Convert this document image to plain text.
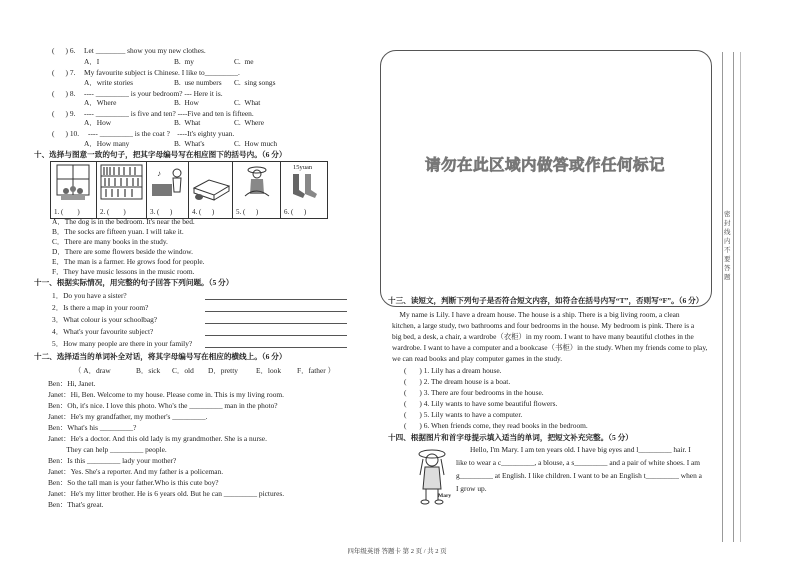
(      ) 6. Let ________ show you my new clothes.
A．I	B.  my	C.  me
(      ) 7. My favourite subject is Chinese. I like to_________.
A．write stories	B.  use numbers C.  sing songs
(      ) 8. ---- _________ is your bedroom? --- Here it is.
A．Where	B.  How	C.  What
(      ) 9. ---- _________ is five and ten? ----Five and ten is fifteen.
A．How	B.  What	C.  Where
(      ) 10. ---- _________ is the coat ?    ----It's eighty yuan.
A．How many	B.  What's	C.  How much
十、选择与图意一致的句子，把其字母编号写在相应图下的括号内。（6 分）
1. (        )	2. (        )
♪
3. (      )	4. (      )	5. (      )
15yuan
6. (      )
A．The dog is in the bedroom. It's near the bed.
B．The socks are fifteen yuan. I will take it.
C．There are many books in the study.
D．There are some flowers beside the window.
E．The man is a farmer. He grows food for people.
F．They have music lessons in the music room.
十一、根据实际情况，用完整的句子回答下列问题。（5 分）
1．Do you have a sister?
2．Is there a map in your room?
3．What colour is your schoolbag?
4．What's your favourite subject?
5．How many people are there in your family?
十二、选择适当的单词补全对话，将其字母编号写在相应的横线上。（6 分）
（ A．draw	B．sick C．old D．pretty E．look F．father ）
Ben：Hi, Janet.
Janet：Hi, Ben. Welcome to my house. Please come in. This is my living room.
Ben：Oh, it's nice. I love this photo. Who's the _________ man in the photo?
Janet：He's my grandfather, my mother's _________.
Ben：What's his _________?
Janet：He's a doctor. And this old lady is my grandmother. She is a nurse.
They can help _________ people.
Ben：Is this _________ lady your mother?
Janet：Yes. She's a reporter. And my father is a policeman.
Ben：So the tall man is your father.Who is this cute boy?
Janet：He's my litter brother. He is 6 years old. But he can _________ pictures.
Ben：That's great.
请勿在此区域内做答或作任何标记
十三、读短文，判断下列句子是否符合短文内容，如符合在括号内写“T”，否则写“F”。（6 分）
My name is Lily. I have a dream house. The house is a ship. There is a big living room, a clean
kitchen, a large study, two bathrooms and four bedrooms in the house. My bedroom is pink. There is a
big bed, a desk, a chair, a wardrobe（衣柜）in my room. I want to have many beautiful clothes in the
wardrobe. I want to have a computer and a bookcase（书柜）in the study. When my friends come to play,
we can read books and play computer games in the study.
(       ) 1. Lily has a dream house.
(       ) 2. The dream house is a boat.
(       ) 3. There are four bedrooms in the house.
(       ) 4. Lily wants to have some beautiful flowers.
(       ) 5. Lily wants to have a computer.
(       ) 6. When friends come, they read books in the bedroom.
十四、根据图片和首字母提示填入适当的单词，把短文补充完整。（5 分）
Mary
Hello, I'm Mary. I am ten years old. I have big eyes and l_________ hair. I
like to wear a c_________, a blouse, a s_________ and a pair of white shoes. I am
g_________ at English. I like children. I want to be an English t_________ when a
I grow up.
密 封 线 内 不 要 答 题
四年级英语 答题卡 第 2 页 / 共 2 页
